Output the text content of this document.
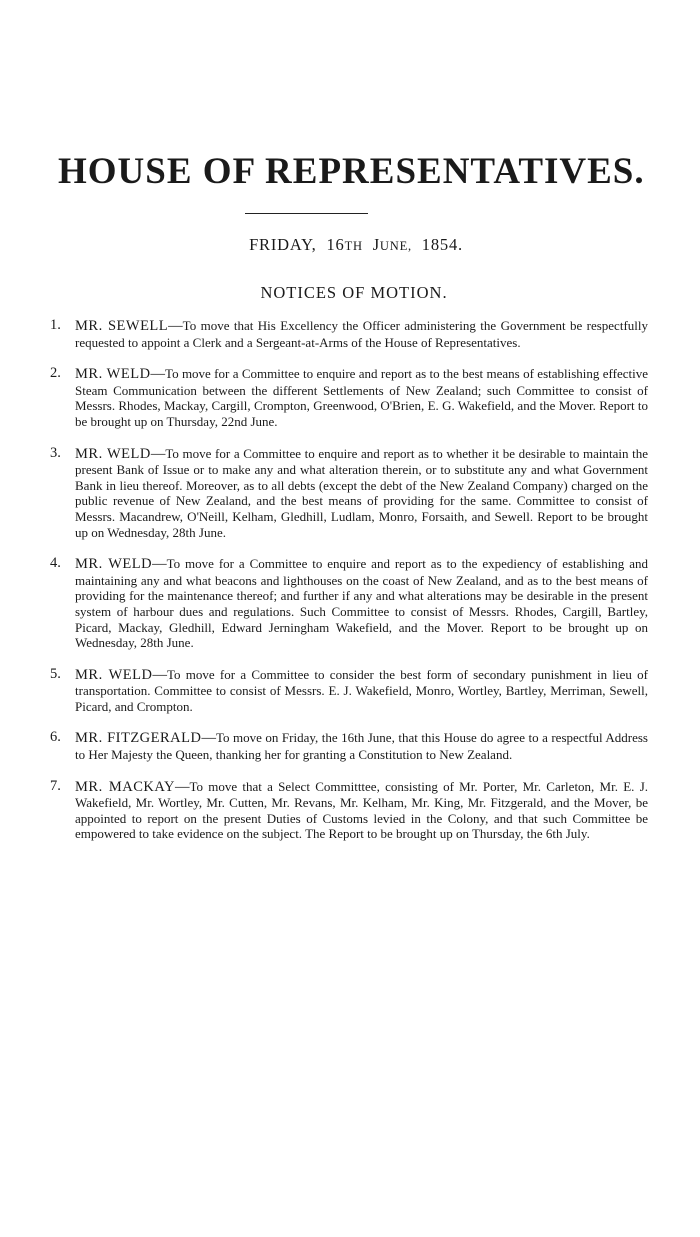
HOUSE OF REPRESENTATIVES.
FRIDAY, 16TH JUNE, 1854.
NOTICES OF MOTION.

1. MR. SEWELL—To move that His Excellency the Officer administering the Government be respectfully requested to appoint a Clerk and a Sergeant-at-Arms of the House of Representatives.

2. MR. WELD—To move for a Committee to enquire and report as to the best means of establishing effective Steam Communication between the different Settlements of New Zealand; such Committee to consist of Messrs. Rhodes, Mackay, Cargill, Crompton, Greenwood, O'Brien, E. G. Wakefield, and the Mover. Report to be brought up on Thursday, 22nd June.

3. MR. WELD—To move for a Committee to enquire and report as to whether it be desirable to maintain the present Bank of Issue or to make any and what alteration therein, or to substitute any and what Government Bank in lieu thereof. Moreover, as to all debts (except the debt of the New Zealand Company) charged on the public revenue of New Zealand, and the best means of providing for the same. Committee to consist of Messrs. Macandrew, O'Neill, Kelham, Gledhill, Ludlam, Monro, Forsaith, and Sewell. Report to be brought up on Wednesday, 28th June.

4. MR. WELD—To move for a Committee to enquire and report as to the expediency of establishing and maintaining any and what beacons and lighthouses on the coast of New Zealand, and as to the best means of providing for the maintenance thereof; and further if any and what alterations may be desirable in the present system of harbour dues and regulations. Such Committee to consist of Messrs. Rhodes, Cargill, Bartley, Picard, Mackay, Gledhill, Edward Jerningham Wakefield, and the Mover. Report to be brought up on Wednesday, 28th June.

5. MR. WELD—To move for a Committee to consider the best form of secondary punishment in lieu of transportation. Committee to consist of Messrs. E. J. Wakefield, Monro, Wortley, Bartley, Merriman, Sewell, Picard, and Crompton.

6. MR. FITZGERALD—To move on Friday, the 16th June, that this House do agree to a respectful Address to Her Majesty the Queen, thanking her for granting a Constitution to New Zealand.

7. MR. MACKAY—To move that a Select Committtee, consisting of Mr. Porter, Mr. Carleton, Mr. E. J. Wakefield, Mr. Wortley, Mr. Cutten, Mr. Revans, Mr. Kelham, Mr. King, Mr. Fitzgerald, and the Mover, be appointed to report on the present Duties of Customs levied in the Colony, and that such Committee be empowered to take evidence on the subject. The Report to be brought up on Thursday, the 6th July.
